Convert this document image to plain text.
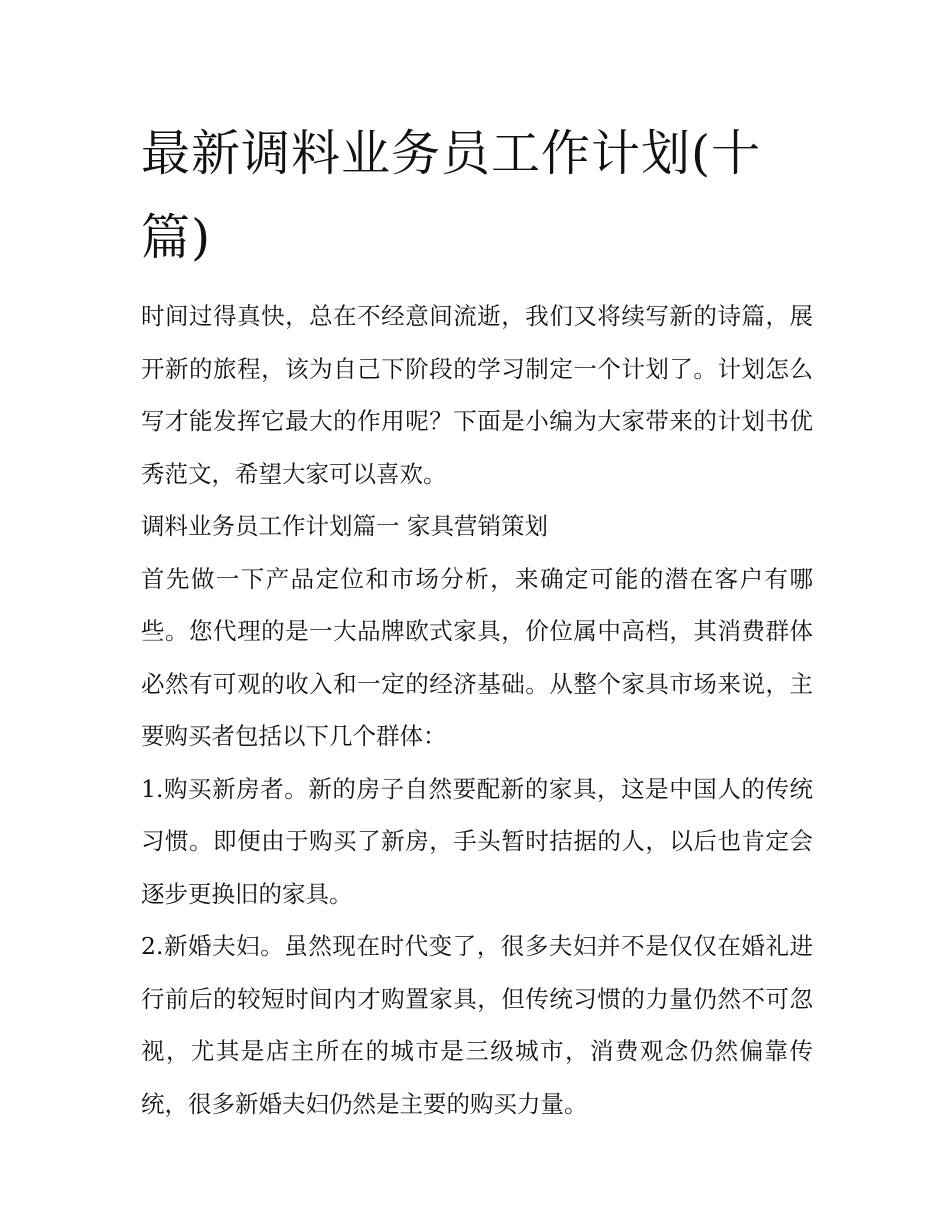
最新调料业务员工作计划(十篇)

时间过得真快，总在不经意间流逝，我们又将续写新的诗篇，展开新的旅程，该为自己下阶段的学习制定一个计划了。计划怎么写才能发挥它最大的作用呢？下面是小编为大家带来的计划书优秀范文，希望大家可以喜欢。

调料业务员工作计划篇一 家具营销策划

首先做一下产品定位和市场分析，来确定可能的潜在客户有哪些。您代理的是一大品牌欧式家具，价位属中高档，其消费群体必然有可观的收入和一定的经济基础。从整个家具市场来说，主要购买者包括以下几个群体：

1.购买新房者。新的房子自然要配新的家具，这是中国人的传统习惯。即便由于购买了新房，手头暂时拮据的人，以后也肯定会逐步更换旧的家具。

2.新婚夫妇。虽然现在时代变了，很多夫妇并不是仅仅在婚礼进行前后的较短时间内才购置家具，但传统习惯的力量仍然不可忽视，尤其是店主所在的城市是三级城市，消费观念仍然偏靠传统，很多新婚夫妇仍然是主要的购买力量。
